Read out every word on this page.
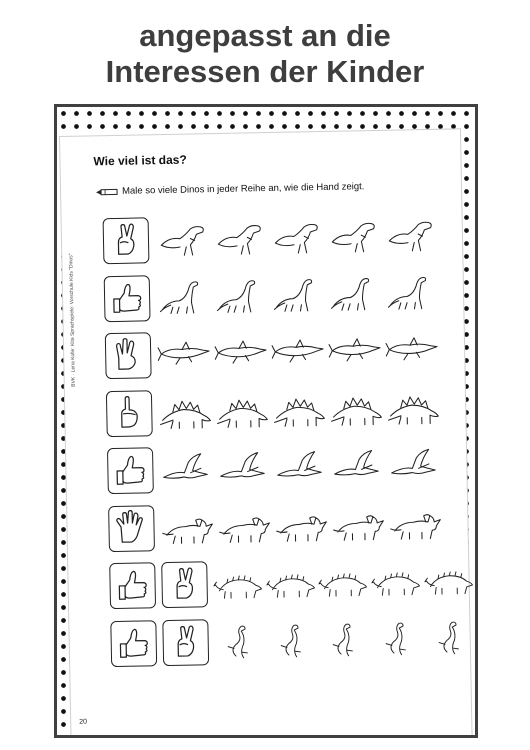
angepasst an die
Interessen der Kinder
Wie viel ist das?
Male so viele Dinos in jeder Reihe an, wie die Hand zeigt.
BVK · Lena Kolle: Kita Sprachspiele: Vorschule Kids "Dinos"
20
